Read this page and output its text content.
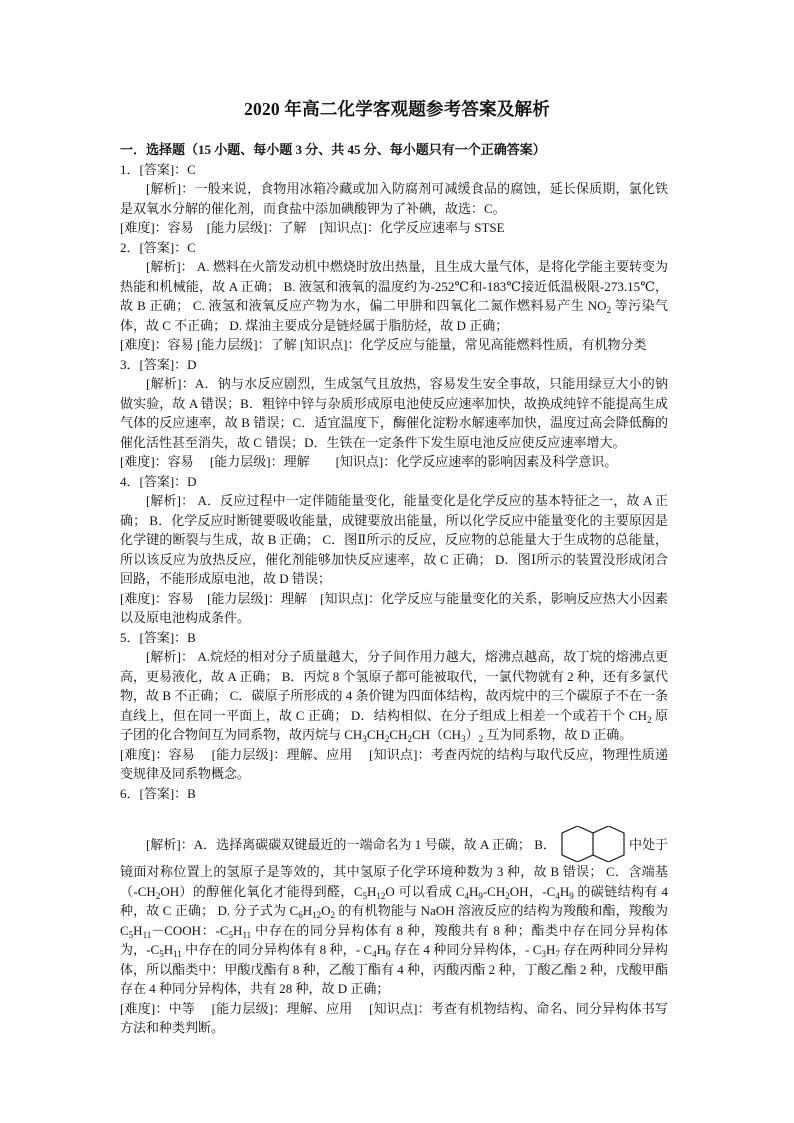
2020 年高二化学客观题参考答案及解析
一．选择题（15 小题、每小题 3 分、共 45 分、每小题只有一个正确答案）

1．[答案]：C

[解析]：一般来说，食物用冰箱冷藏或加入防腐剂可减缓食品的腐蚀，延长保质期，氯化铁是双氧水分解的催化剂，而食盐中添加碘酸钾为了补碘，故选：C。

[难度]：容易　[能力层级]：了解　[知识点]：化学反应速率与 STSE

2．[答案]：C

[解析]： A. 燃料在火箭发动机中燃烧时放出热量，且生成大量气体，是将化学能主要转变为热能和机械能，故 A 正确； B. 液氢和液氧的温度约为-252℃和-183℃接近低温极限-273.15℃，故 B 正确； C. 液氢和液氧反应产物为水，偏二甲肼和四氧化二氮作燃料易产生 $NO_2$ 等污染气体，故 C 不正确； D. 煤油主要成分是链烃属于脂肪烃，故 D 正确；

[难度]：容易 [能力层级]：了解 [知识点]：化学反应与能量，常见高能燃料性质，有机物分类

3．[答案]：D

[解析]：A．钠与水反应剧烈，生成氢气且放热，容易发生安全事故，只能用绿豆大小的钠做实验，故 A 错误；B．粗锌中锌与杂质形成原电池使反应速率加快，故换成纯锌不能提高生成气体的反应速率，故 B 错误；C．适宜温度下，酶催化淀粉水解速率加快，温度过高会降低酶的催化活性甚至消失，故 C 错误；D．生铁在一定条件下发生原电池反应使反应速率增大。

[难度]：容易　 [能力层级]：理解　　[知识点]：化学反应速率的影响因素及科学意识。

4．[答案]：D

[解析]： A．反应过程中一定伴随能量变化，能量变化是化学反应的基本特征之一，故 A 正确； B．化学反应时断键要吸收能量，成键要放出能量，所以化学反应中能量变化的主要原因是化学键的断裂与生成，故 B 正确； C．图Ⅱ所示的反应，反应物的总能量大于生成物的总能量，所以该反应为放热反应，催化剂能够加快反应速率，故 C 正确； D．图Ⅰ所示的装置没形成闭合回路，不能形成原电池，故 D 错误；

[难度]：容易　[能力层级]：理解　[知识点]：化学反应与能量变化的关系，影响反应热大小因素以及原电池构成条件。

5．[答案]：B

[解析]： A.烷烃的相对分子质量越大，分子间作用力越大，熔沸点越高，故丁烷的熔沸点更高，更易液化，故 A 正确； B．丙烷 8 个氢原子都可能被取代，一氯代物就有 2 种，还有多氯代物，故 B 不正确； C．碳原子所形成的 4 条价键为四面体结构，故丙烷中的三个碳原子不在一条直线上，但在同一平面上，故 C 正确； D．结构相似、在分子组成上相差一个或若干个 $CH_2$ 原子团的化合物间互为同系物，故丙烷与 $CH_3CH_2CH_2CH(CH_3)_2$ 互为同系物，故 D 正确。

[难度]：容易　 [能力层级]：理解、应用　 [知识点]：考查丙烷的结构与取代反应，物理性质递变规律及同系物概念。

6．[答案]：B

[解析]：A．选择离碳碳双键最近的一端命名为 1 号碳，故 A 正确； B．	中处于镜面对称位置上的氢原子是等效的，其中氢原子化学环境种数为 3 种，故 B 错误； C．含端基$(-CH_2OH)$的醇催化氧化才能得到醛，$C_5H_{12}O$ 可以看成 $C_4H_9-CH_2OH$，$-C_4H_9$ 的碳链结构有 4 种，故 C 正确； D. 分子式为 $C_6H_{12}O_2$ 的有机物能与 NaOH 溶液反应的结构为羧酸和酯，羧酸为 $C_5H_{11}-COOH$：$-C_5H_{11}$ 中存在的同分异构体有 8 种，羧酸共有 8 种；酯类中存在同分异构体为，$-C_5H_{11}$ 中存在的同分异构体有 8 种，- $C_4H_9$ 存在 4 种同分异构体，- $C_3H_7$ 存在两种同分异构体，所以酯类中：甲酸戊酯有 8 种，乙酸丁酯有 4 种，丙酸丙酯 2 种，丁酸乙酯 2 种，戊酸甲酯存在 4 种同分异构体，共有 28 种，故 D 正确；

[难度]：中等　 [能力层级]：理解、应用　 [知识点]：考查有机物结构、命名、同分异构体书写方法和种类判断。
